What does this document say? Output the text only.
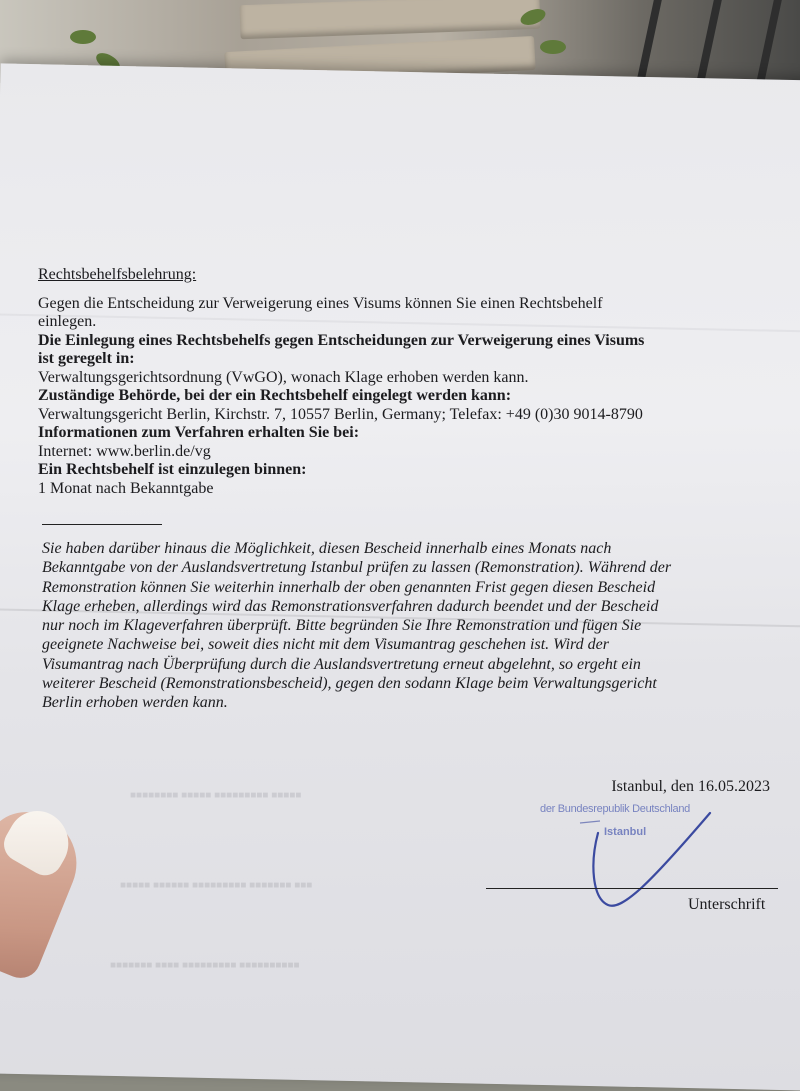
■■■■■■■■ ■■■■■ ■■■■■■■■■ ■■■■■
■■■■■ ■■■■■■ ■■■■■■■■■ ■■■■■■■ ■■■
■■■■■■■ ■■■■ ■■■■■■■■■ ■■■■■■■■■■
Rechtsbehelfsbelehrung:
Gegen die Entscheidung zur Verweigerung eines Visums können Sie einen Rechtsbehelf
einlegen.
Die Einlegung eines Rechtsbehelfs gegen Entscheidungen zur Verweigerung eines Visums
ist geregelt in:
Verwaltungsgerichtsordnung (VwGO), wonach Klage erhoben werden kann.
Zuständige Behörde, bei der ein Rechtsbehelf eingelegt werden kann:
Verwaltungsgericht Berlin, Kirchstr. 7, 10557 Berlin, Germany; Telefax: +49 (0)30 9014-8790
Informationen zum Verfahren erhalten Sie bei:
Internet: www.berlin.de/vg
Ein Rechtsbehelf ist einzulegen binnen:
1 Monat nach Bekanntgabe
Sie haben darüber hinaus die Möglichkeit, diesen Bescheid innerhalb eines Monats nach
Bekanntgabe von der Auslandsvertretung Istanbul prüfen zu lassen (Remonstration). Während der
Remonstration können Sie weiterhin innerhalb der oben genannten Frist gegen diesen Bescheid
Klage erheben, allerdings wird das Remonstrationsverfahren dadurch beendet und der Bescheid
nur noch im Klageverfahren überprüft. Bitte begründen Sie Ihre Remonstration und fügen Sie
geeignete Nachweise bei, soweit dies nicht mit dem Visumantrag geschehen ist. Wird der
Visumantrag nach Überprüfung durch die Auslandsvertretung erneut abgelehnt, so ergeht ein
weiterer Bescheid (Remonstrationsbescheid), gegen den sodann Klage beim Verwaltungsgericht
Berlin erhoben werden kann.
Istanbul, den 16.05.2023
der Bundesrepublik Deutschland
Istanbul
Unterschrift
